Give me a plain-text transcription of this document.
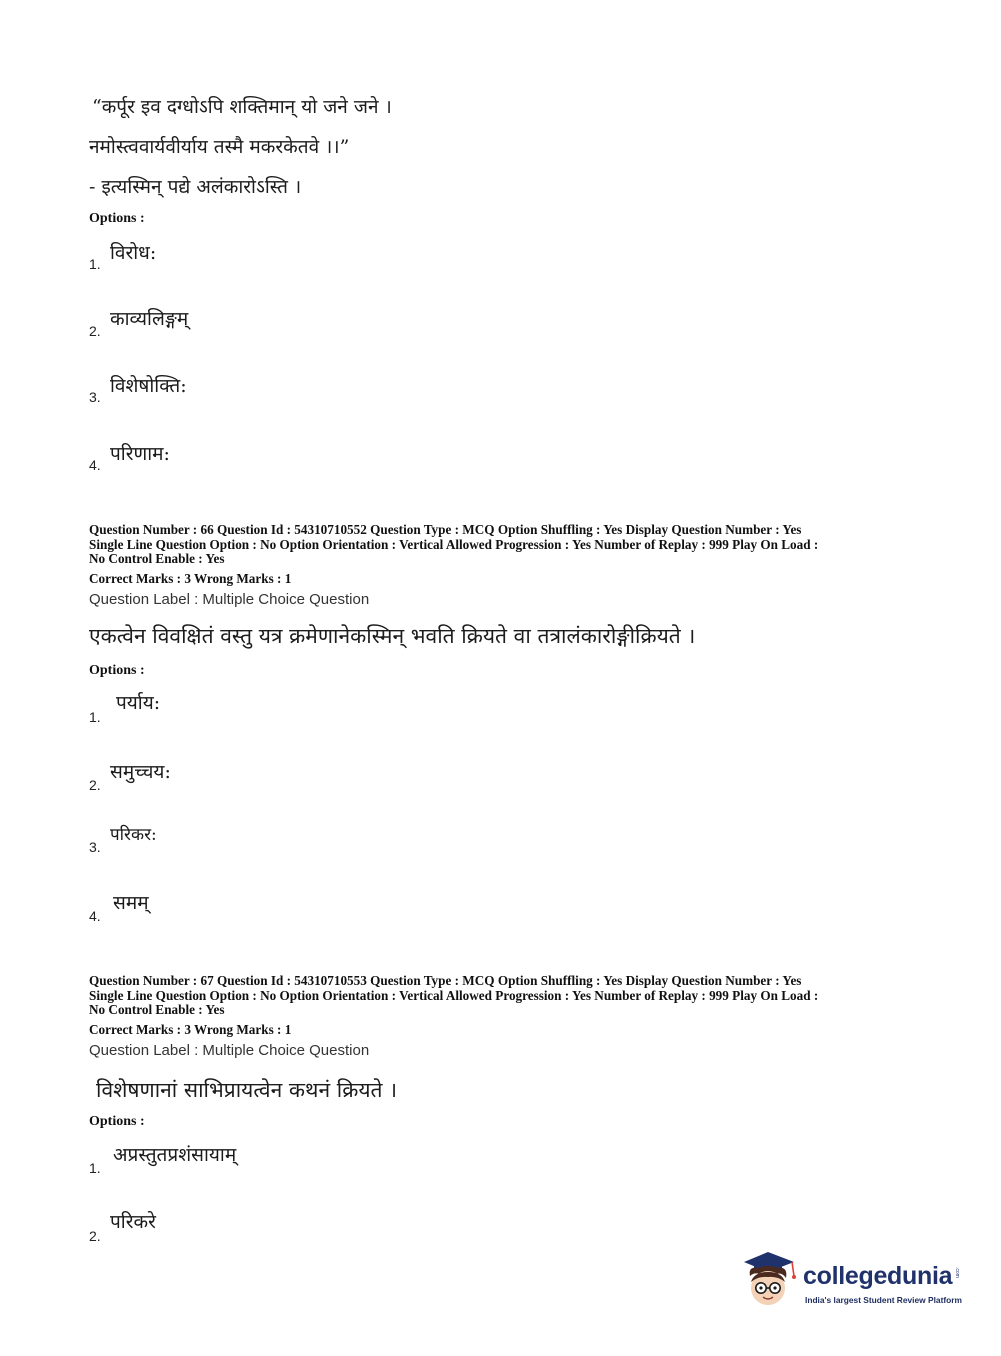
“कर्पूर इव दग्धोऽपि शक्तिमान् यो जने जने ।
नमोस्त्ववार्यवीर्याय तस्मै मकरकेतवे ।।”
- इत्यस्मिन् पद्ये अलंकारोऽस्ति ।
Options :
1. विरोध:
2.
काव्यलिङ्गम्
3. विशेषोक्ति:
4. परिणाम:
Question Number : 66 Question Id : 54310710552 Question Type : MCQ Option Shuffling : Yes Display Question Number : Yes
Single Line Question Option : No Option Orientation : Vertical Allowed Progression : Yes Number of Replay : 999 Play On Load :
No Control Enable : Yes
Correct Marks : 3 Wrong Marks : 1
Question Label : Multiple Choice Question
एकत्वेन विवक्षितं वस्तु यत्र क्रमेणानेकस्मिन् भवति क्रियते वा तत्रालंकारोङ्गीक्रियते ।
Options :
1.
पर्याय:
2.
समुच्चय:
3.
परिकर:
4.
समम्
Question Number : 67 Question Id : 54310710553 Question Type : MCQ Option Shuffling : Yes Display Question Number : Yes
Single Line Question Option : No Option Orientation : Vertical Allowed Progression : Yes Number of Replay : 999 Play On Load :
No Control Enable : Yes
Correct Marks : 3 Wrong Marks : 1
Question Label : Multiple Choice Question
विशेषणानां साभिप्रायत्वेन कथनं क्रियते ।
Options :
1.
अप्रस्तुतप्रशंसायाम्
2.
परिकरे
collegedunia .com
India's largest Student Review Platform
